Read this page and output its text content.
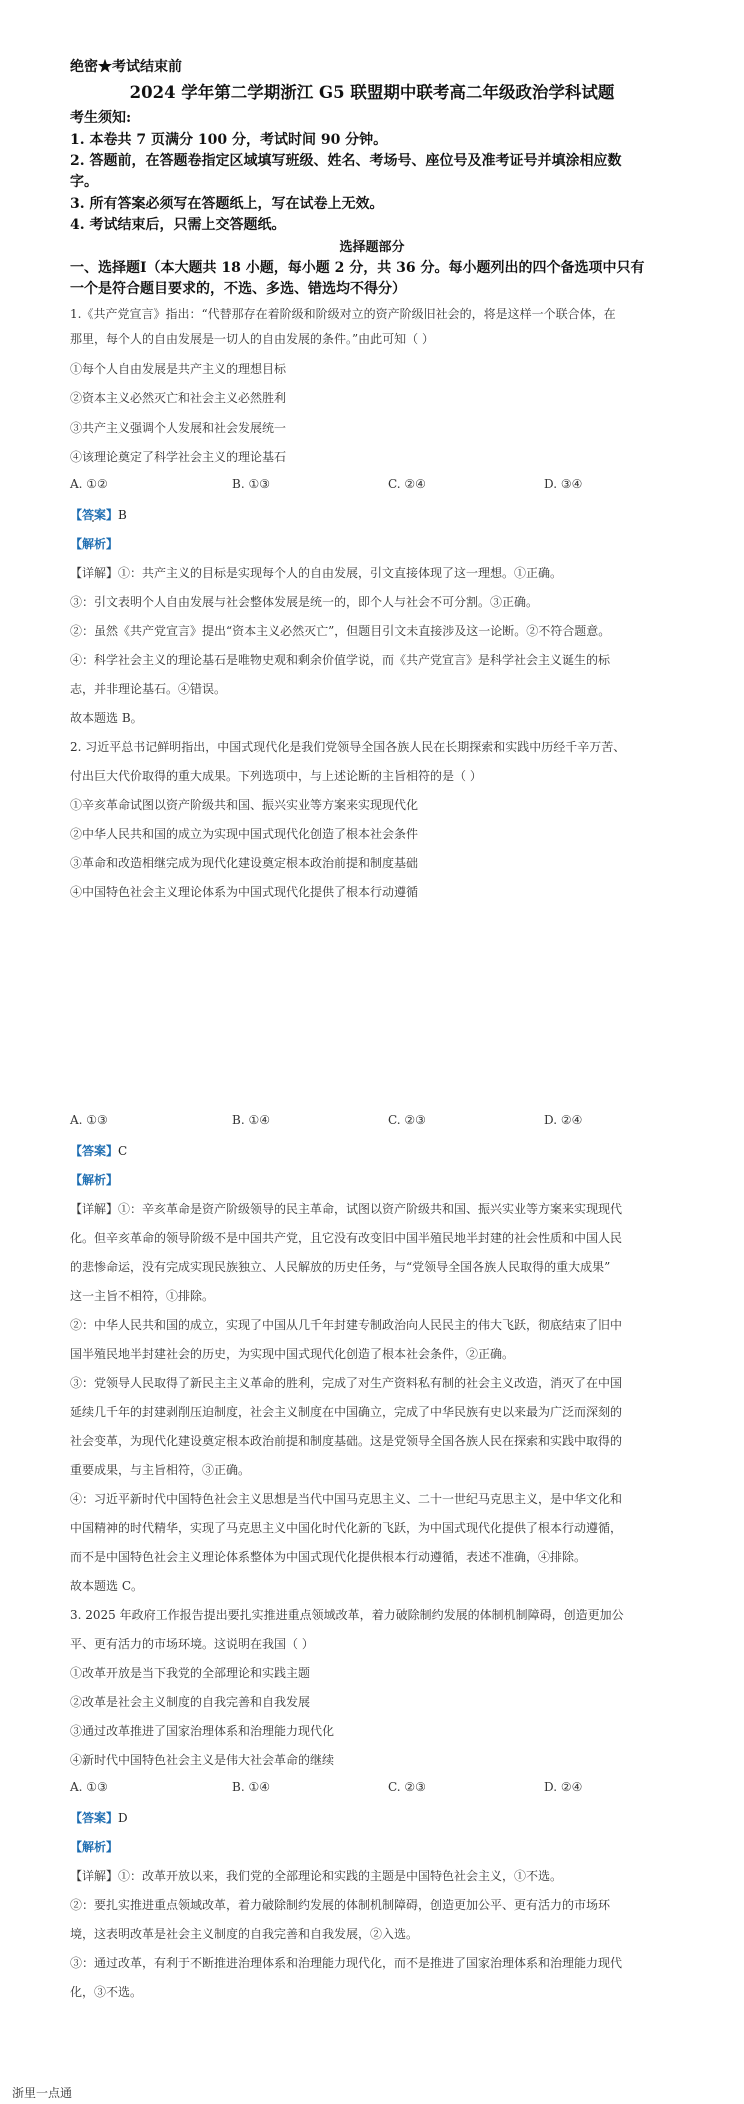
绝密★考试结束前
2024 学年第二学期浙江 G5 联盟期中联考高二年级政治学科试题
考生须知:
1. 本卷共 7 页满分 100 分，考试时间 90 分钟。
2. 答题前，在答题卷指定区域填写班级、姓名、考场号、座位号及准考证号并填涂相应数
字。
3. 所有答案必须写在答题纸上，写在试卷上无效。
4. 考试结束后，只需上交答题纸。
选择题部分
一、选择题Ⅰ（本大题共 18 小题，每小题 2 分，共 36 分。每小题列出的四个备选项中只有
一个是符合题目要求的，不选、多选、错选均不得分）
1.《共产党宣言》指出：“代替那存在着阶级和阶级对立的资产阶级旧社会的，将是这样一个联合体，在
那里，每个人的自由发展是一切人的自由发展的条件。”由此可知（ ）
①每个人自由发展是共产主义的理想目标
②资本主义必然灭亡和社会主义必然胜利
③共产主义强调个人发展和社会发展统一
④该理论奠定了科学社会主义的理论基石
A. ①②	B. ①③	C. ②④	D. ③④
【答案】B
【解析】
【详解】①：共产主义的目标是实现每个人的自由发展，引文直接体现了这一理想。①正确。
③：引文表明个人自由发展与社会整体发展是统一的，即个人与社会不可分割。③正确。
②：虽然《共产党宣言》提出“资本主义必然灭亡”，但题目引文未直接涉及这一论断。②不符合题意。
④：科学社会主义的理论基石是唯物史观和剩余价值学说，而《共产党宣言》是科学社会主义诞生的标
志，并非理论基石。④错误。
故本题选 B。
2. 习近平总书记鲜明指出，中国式现代化是我们党领导全国各族人民在长期探索和实践中历经千辛万苦、
付出巨大代价取得的重大成果。下列选项中，与上述论断的主旨相符的是（ ）
①辛亥革命试图以资产阶级共和国、振兴实业等方案来实现现代化
②中华人民共和国的成立为实现中国式现代化创造了根本社会条件
③革命和改造相继完成为现代化建设奠定根本政治前提和制度基础
④中国特色社会主义理论体系为中国式现代化提供了根本行动遵循
A. ①③	B. ①④	C. ②③	D. ②④
【答案】C
【解析】
【详解】①：辛亥革命是资产阶级领导的民主革命，试图以资产阶级共和国、振兴实业等方案来实现现代
化。但辛亥革命的领导阶级不是中国共产党，且它没有改变旧中国半殖民地半封建的社会性质和中国人民
的悲惨命运，没有完成实现民族独立、人民解放的历史任务，与“党领导全国各族人民取得的重大成果”
这一主旨不相符，①排除。
②：中华人民共和国的成立，实现了中国从几千年封建专制政治向人民民主的伟大飞跃，彻底结束了旧中
国半殖民地半封建社会的历史，为实现中国式现代化创造了根本社会条件，②正确。
③：党领导人民取得了新民主主义革命的胜利，完成了对生产资料私有制的社会主义改造，消灭了在中国
延续几千年的封建剥削压迫制度，社会主义制度在中国确立，完成了中华民族有史以来最为广泛而深刻的
社会变革，为现代化建设奠定根本政治前提和制度基础。这是党领导全国各族人民在探索和实践中取得的
重要成果，与主旨相符，③正确。
④：习近平新时代中国特色社会主义思想是当代中国马克思主义、二十一世纪马克思主义，是中华文化和
中国精神的时代精华，实现了马克思主义中国化时代化新的飞跃，为中国式现代化提供了根本行动遵循，
而不是中国特色社会主义理论体系整体为中国式现代化提供根本行动遵循，表述不准确，④排除。
故本题选 C。
3. 2025 年政府工作报告提出要扎实推进重点领域改革，着力破除制约发展的体制机制障碍，创造更加公
平、更有活力的市场环境。这说明在我国（ ）
①改革开放是当下我党的全部理论和实践主题
②改革是社会主义制度的自我完善和自我发展
③通过改革推进了国家治理体系和治理能力现代化
④新时代中国特色社会主义是伟大社会革命的继续
A. ①③	B. ①④	C. ②③	D. ②④
【答案】D
【解析】
【详解】①：改革开放以来，我们党的全部理论和实践的主题是中国特色社会主义，①不选。
②：要扎实推进重点领域改革，着力破除制约发展的体制机制障碍，创造更加公平、更有活力的市场环
境，这表明改革是社会主义制度的自我完善和自我发展，②入选。
③：通过改革，有利于不断推进治理体系和治理能力现代化，而不是推进了国家治理体系和治理能力现代
化，③不选。
浙里一点通
